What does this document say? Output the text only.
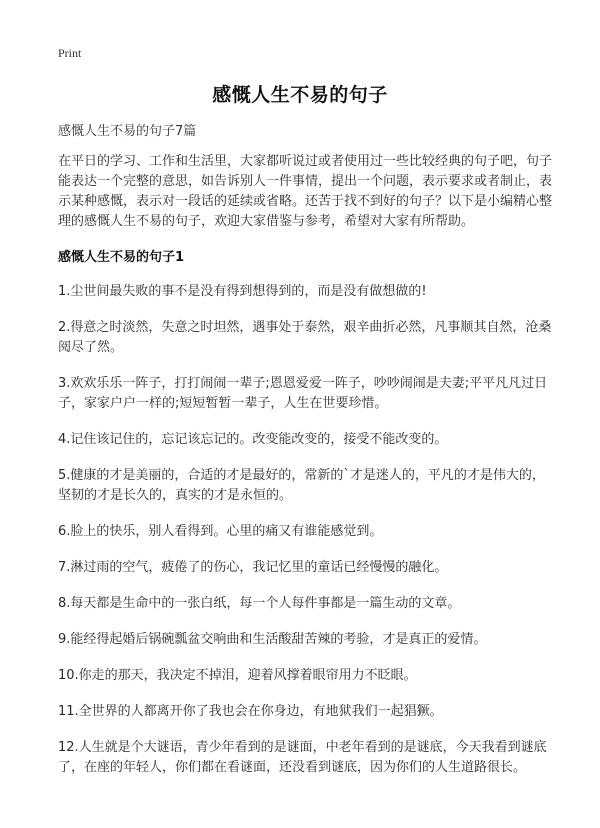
Print
感慨人生不易的句子

感慨人生不易的句子7篇

在平日的学习、工作和生活里，大家都听说过或者使用过一些比较经典的句子吧，句子能表达一个完整的意思，如告诉别人一件事情，提出一个问题，表示要求或者制止，表示某种感慨，表示对一段话的延续或省略。还苦于找不到好的句子？以下是小编精心整理的感慨人生不易的句子，欢迎大家借鉴与参考，希望对大家有所帮助。

感慨人生不易的句子1

1.尘世间最失败的事不是没有得到想得到的，而是没有做想做的!

2.得意之时淡然，失意之时坦然，遇事处于泰然，艰辛曲折必然，凡事顺其自然，沧桑阅尽了然。

3.欢欢乐乐一阵子，打打闹闹一辈子;恩恩爱爱一阵子，吵吵闹闹是夫妻;平平凡凡过日子，家家户户一样的;短短暂暂一辈子，人生在世要珍惜。

4.记住该记住的，忘记该忘记的。改变能改变的，接受不能改变的。

5.健康的才是美丽的，合适的才是最好的，常新的`才是迷人的，平凡的才是伟大的，坚韧的才是长久的，真实的才是永恒的。

6.脸上的快乐，别人看得到。心里的痛又有谁能感觉到。

7.淋过雨的空气，疲倦了的伤心，我记忆里的童话已经慢慢的融化。

8.每天都是生命中的一张白纸，每一个人每件事都是一篇生动的文章。

9.能经得起婚后锅碗瓢盆交响曲和生活酸甜苦辣的考验，才是真正的爱情。

10.你走的那天，我决定不掉泪，迎着风撑着眼帘用力不眨眼。

11.全世界的人都离开你了我也会在你身边，有地狱我们一起猖獗。

12.人生就是个大谜语，青少年看到的是谜面，中老年看到的是谜底，今天我看到谜底了，在座的年轻人，你们都在看谜面，还没看到谜底，因为你们的人生道路很长。
